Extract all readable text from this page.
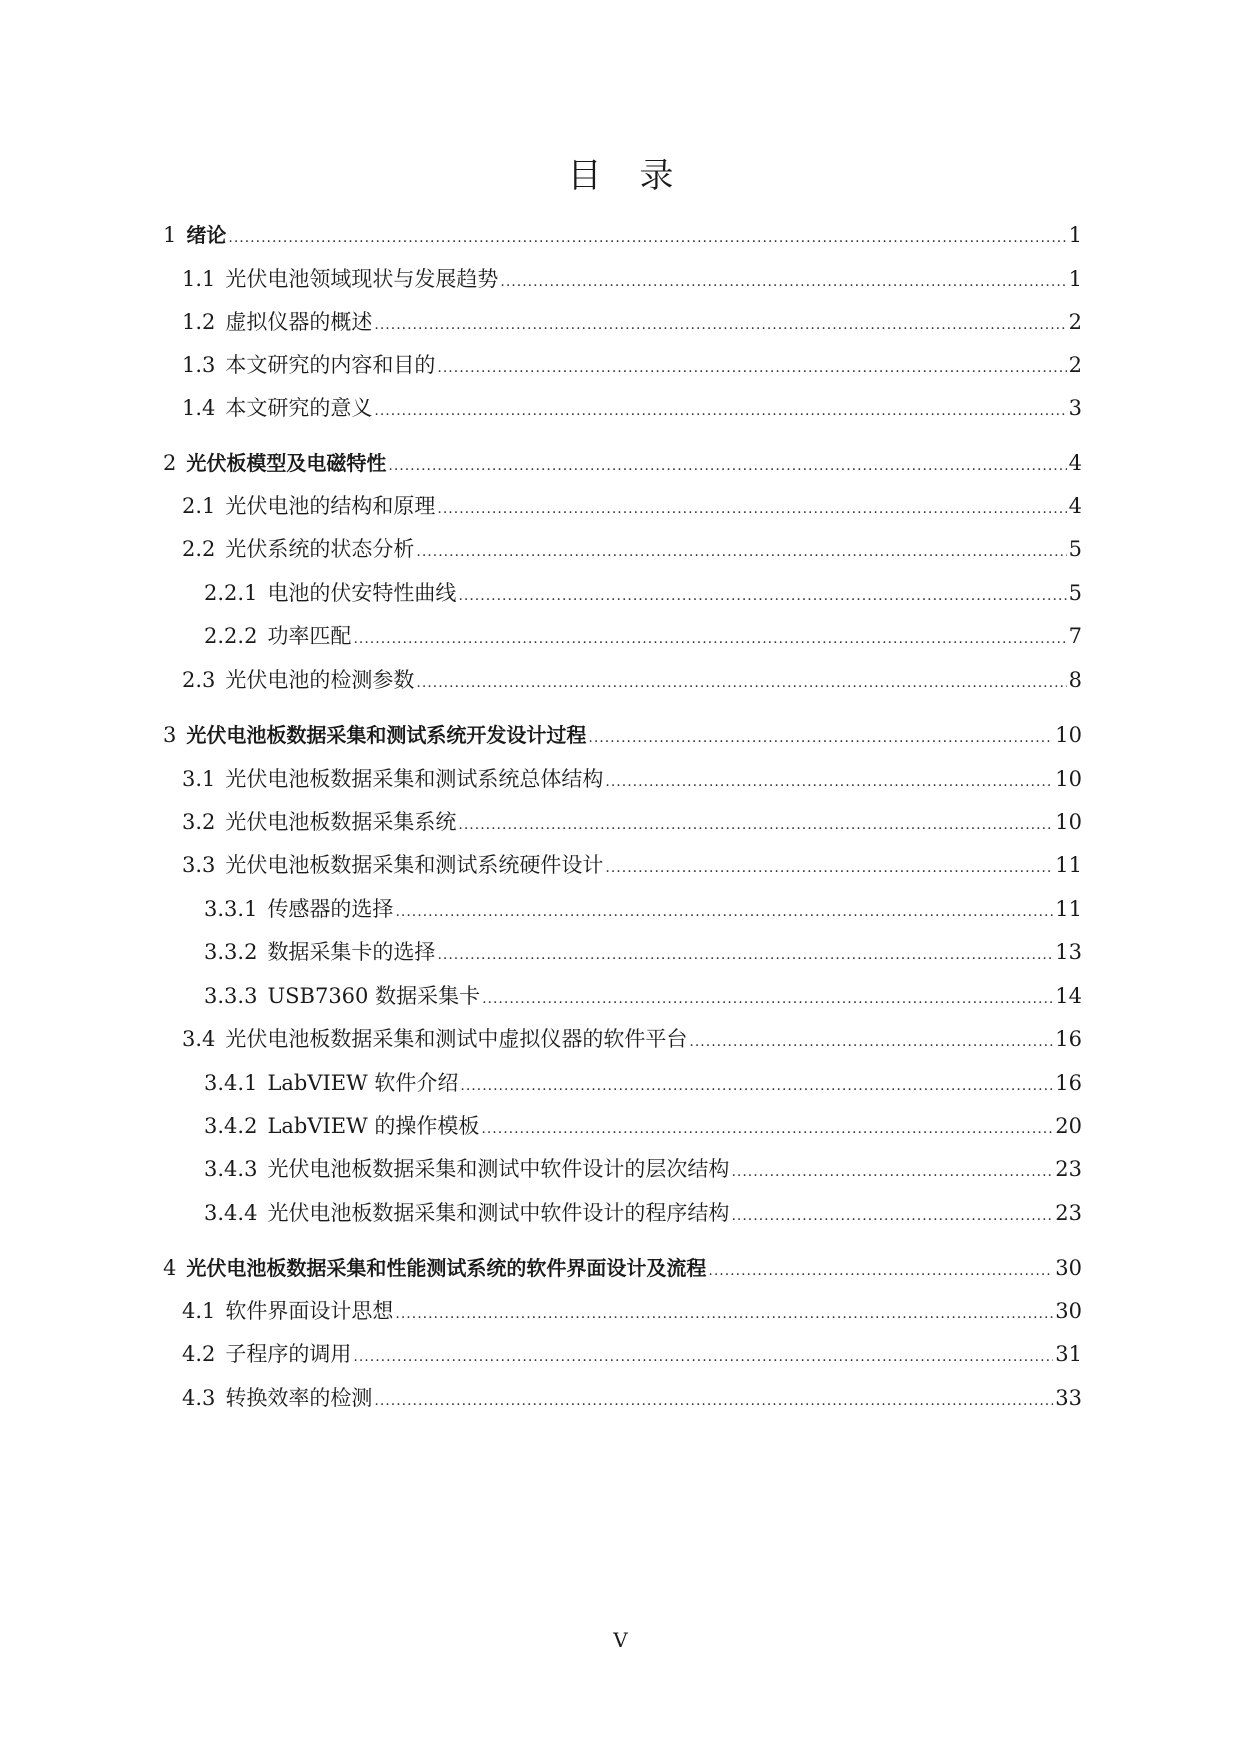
目 录
1 绪论 .....	1
1.1 光伏电池领域现状与发展趋势 .....	1
1.2 虚拟仪器的概述 .....	2
1.3 本文研究的内容和目的 .....	2
1.4 本文研究的意义 .....	3
2 光伏板模型及电磁特性 .....	4
2.1 光伏电池的结构和原理 .....	4
2.2 光伏系统的状态分析 .....	5
2.2.1 电池的伏安特性曲线 .....	5
2.2.2 功率匹配 .....	7
2.3 光伏电池的检测参数 .....	8
3 光伏电池板数据采集和测试系统开发设计过程 .....	10
3.1 光伏电池板数据采集和测试系统总体结构 .....	10
3.2 光伏电池板数据采集系统 .....	10
3.3 光伏电池板数据采集和测试系统硬件设计 .....	11
3.3.1 传感器的选择 .....	11
3.3.2 数据采集卡的选择 .....	13
3.3.3 USB7360 数据采集卡 .....	14
3.4 光伏电池板数据采集和测试中虚拟仪器的软件平台 .....	16
3.4.1 LabVIEW 软件介绍 .....	16
3.4.2 LabVIEW 的操作模板 .....	20
3.4.3 光伏电池板数据采集和测试中软件设计的层次结构 .....	23
3.4.4 光伏电池板数据采集和测试中软件设计的程序结构 .....	23
4 光伏电池板数据采集和性能测试系统的软件界面设计及流程 .....	30
4.1 软件界面设计思想 .....	30
4.2 子程序的调用 .....	31
4.3 转换效率的检测 .....	33
V
